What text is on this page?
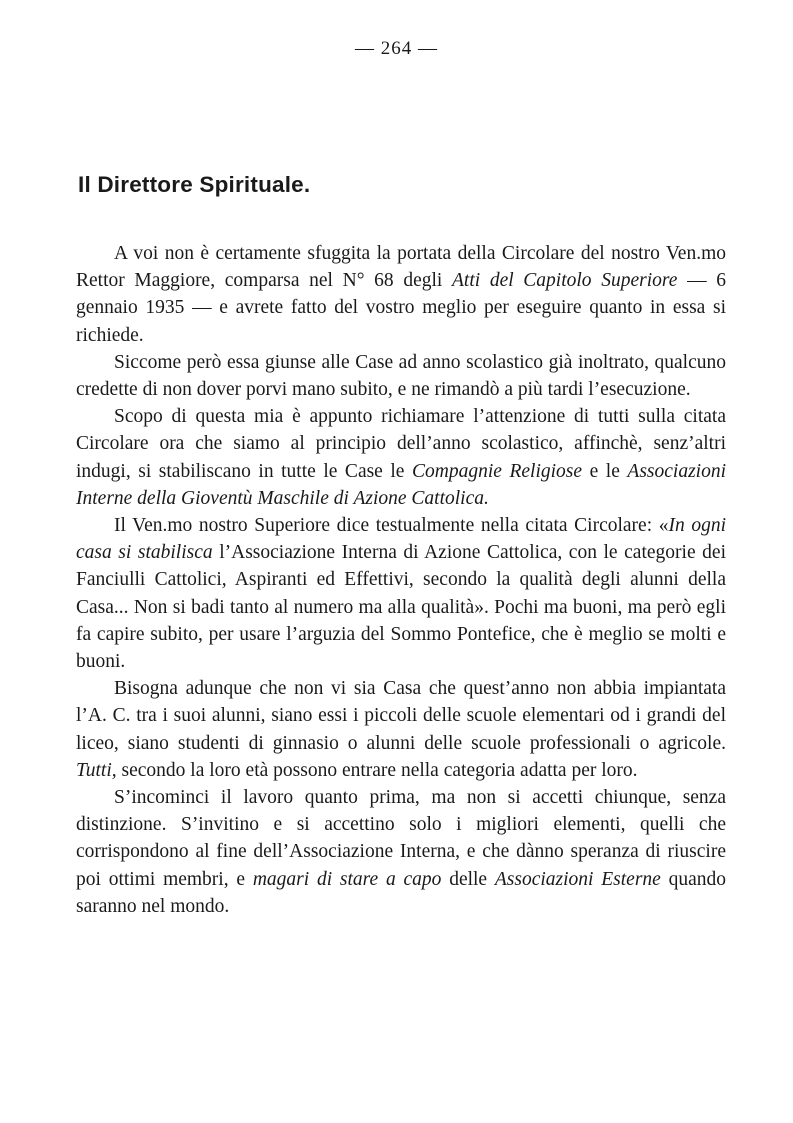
— 264 —
Il Direttore Spirituale.

A voi non è certamente sfuggita la portata della Circolare del nostro Ven.mo Rettor Maggiore, comparsa nel N° 68 degli Atti del Capitolo Superiore — 6 gennaio 1935 — e avrete fatto del vostro meglio per eseguire quanto in essa si richiede.

Siccome però essa giunse alle Case ad anno scolastico già inoltrato, qualcuno credette di non dover porvi mano subito, e ne rimandò a più tardi l’esecuzione.

Scopo di questa mia è appunto richiamare l’attenzione di tutti sulla citata Circolare ora che siamo al principio dell’anno scolastico, affinchè, senz’altri indugi, si stabiliscano in tutte le Case le Compagnie Religiose e le Associazioni Interne della Gioventù Maschile di Azione Cattolica.

Il Ven.mo nostro Superiore dice testualmente nella citata Circolare: «In ogni casa si stabilisca l’Associazione Interna di Azione Cattolica, con le categorie dei Fanciulli Cattolici, Aspiranti ed Effettivi, secondo la qualità degli alunni della Casa... Non si badi tanto al numero ma alla qualità». Pochi ma buoni, ma però egli fa capire subito, per usare l’arguzia del Sommo Pontefice, che è meglio se molti e buoni.

Bisogna adunque che non vi sia Casa che quest’anno non abbia impiantata l’A. C. tra i suoi alunni, siano essi i piccoli delle scuole elementari od i grandi del liceo, siano studenti di ginnasio o alunni delle scuole professionali o agricole. Tutti, secondo la loro età possono entrare nella categoria adatta per loro.

S’incominci il lavoro quanto prima, ma non si accetti chiunque, senza distinzione. S’invitino e si accettino solo i migliori elementi, quelli che corrispondono al fine dell’Associazione Interna, e che dànno speranza di riuscire poi ottimi membri, e magari di stare a capo delle Associazioni Esterne quando saranno nel mondo.
